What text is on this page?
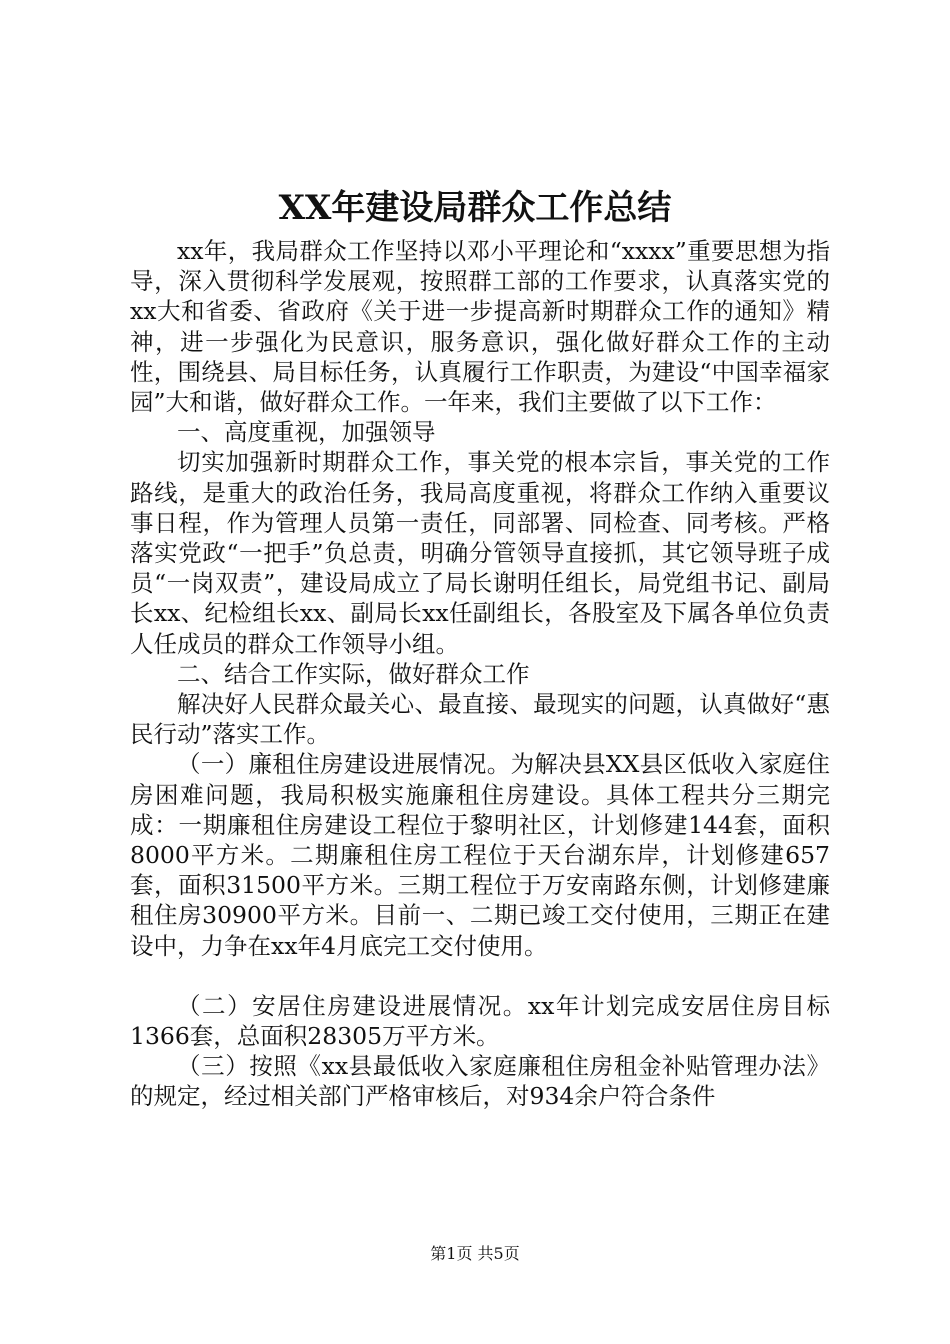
XX年建设局群众工作总结

xx年，我局群众工作坚持以邓小平理论和“xxxx”重要思想为指导，深入贯彻科学发展观，按照群工部的工作要求，认真落实党的xx大和省委、省政府《关于进一步提高新时期群众工作的通知》精神，进一步强化为民意识，服务意识，强化做好群众工作的主动性，围绕县、局目标任务，认真履行工作职责，为建设“中国幸福家园”大和谐，做好群众工作。一年来，我们主要做了以下工作：

一、高度重视，加强领导

切实加强新时期群众工作，事关党的根本宗旨，事关党的工作路线，是重大的政治任务，我局高度重视，将群众工作纳入重要议事日程，作为管理人员第一责任，同部署、同检查、同考核。严格落实党政“一把手”负总责，明确分管领导直接抓，其它领导班子成员“一岗双责”，建设局成立了局长谢明任组长，局党组书记、副局长xx、纪检组长xx、副局长xx任副组长，各股室及下属各单位负责人任成员的群众工作领导小组。

二、结合工作实际，做好群众工作

解决好人民群众最关心、最直接、最现实的问题，认真做好“惠民行动”落实工作。

（一）廉租住房建设进展情况。为解决县XX县区低收入家庭住房困难问题，我局积极实施廉租住房建设。具体工程共分三期完成：一期廉租住房建设工程位于黎明社区，计划修建144套，面积8000平方米。二期廉租住房工程位于天台湖东岸，计划修建657套，面积31500平方米。三期工程位于万安南路东侧，计划修建廉租住房30900平方米。目前一、二期已竣工交付使用，三期正在建设中，力争在xx年4月底完工交付使用。

（二）安居住房建设进展情况。xx年计划完成安居住房目标1366套，总面积28305万平方米。

（三）按照《xx县最低收入家庭廉租住房租金补贴管理办法》的规定，经过相关部门严格审核后，对934余户符合条件

第1页 共5页
